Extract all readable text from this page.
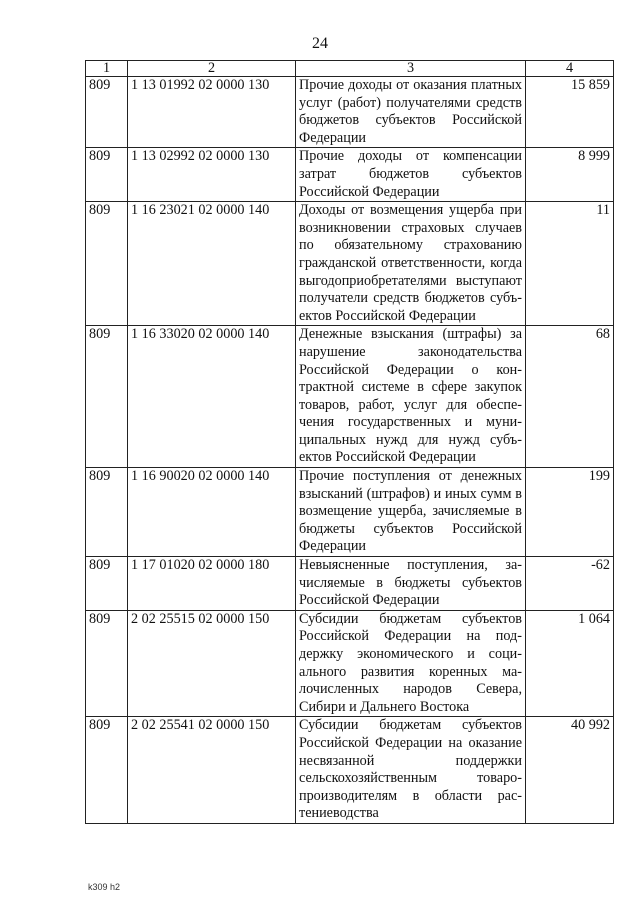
24
1	2	3	4
809	1 13 01992 02 0000 130	Прочие доходы от оказания платных услуг (работ) получателями средств бюджетов субъектов Российской Федерации	15 859
809	1 13 02992 02 0000 130	Прочие доходы от компенсации затрат бюджетов субъектов Российской Федерации	8 999
809	1 16 23021 02 0000 140	Доходы от возмещения ущерба при возникновении страховых случаев по обязательному страхованию гражданской ответственности, когда выгодоприобретателями выступают получатели средств бюджетов субъектов Российской Федерации	11
809	1 16 33020 02 0000 140	Денежные взыскания (штрафы) за нарушение законодательства Российской Федерации о контрактной системе в сфере закупок товаров, работ, услуг для обеспечения государственных и муниципальных нужд для нужд субъектов Российской Федерации	68
809	1 16 90020 02 0000 140	Прочие поступления от денежных взысканий (штрафов) и иных сумм в возмещение ущерба, зачисляемые в бюджеты субъектов Российской Федерации	199
809	1 17 01020 02 0000 180	Невыясненные поступления, зачисляемые в бюджеты субъектов Российской Федерации	-62
809	2 02 25515 02 0000 150	Субсидии бюджетам субъектов Российской Федерации на поддержку экономического и социального развития коренных малочисленных народов Севера, Сибири и Дальнего Востока	1 064
809	2 02 25541 02 0000 150	Субсидии бюджетам субъектов Российской Федерации на оказание несвязанной поддержки сельскохозяйственным товаропроизводителям в области растениеводства	40 992
k309 h2
